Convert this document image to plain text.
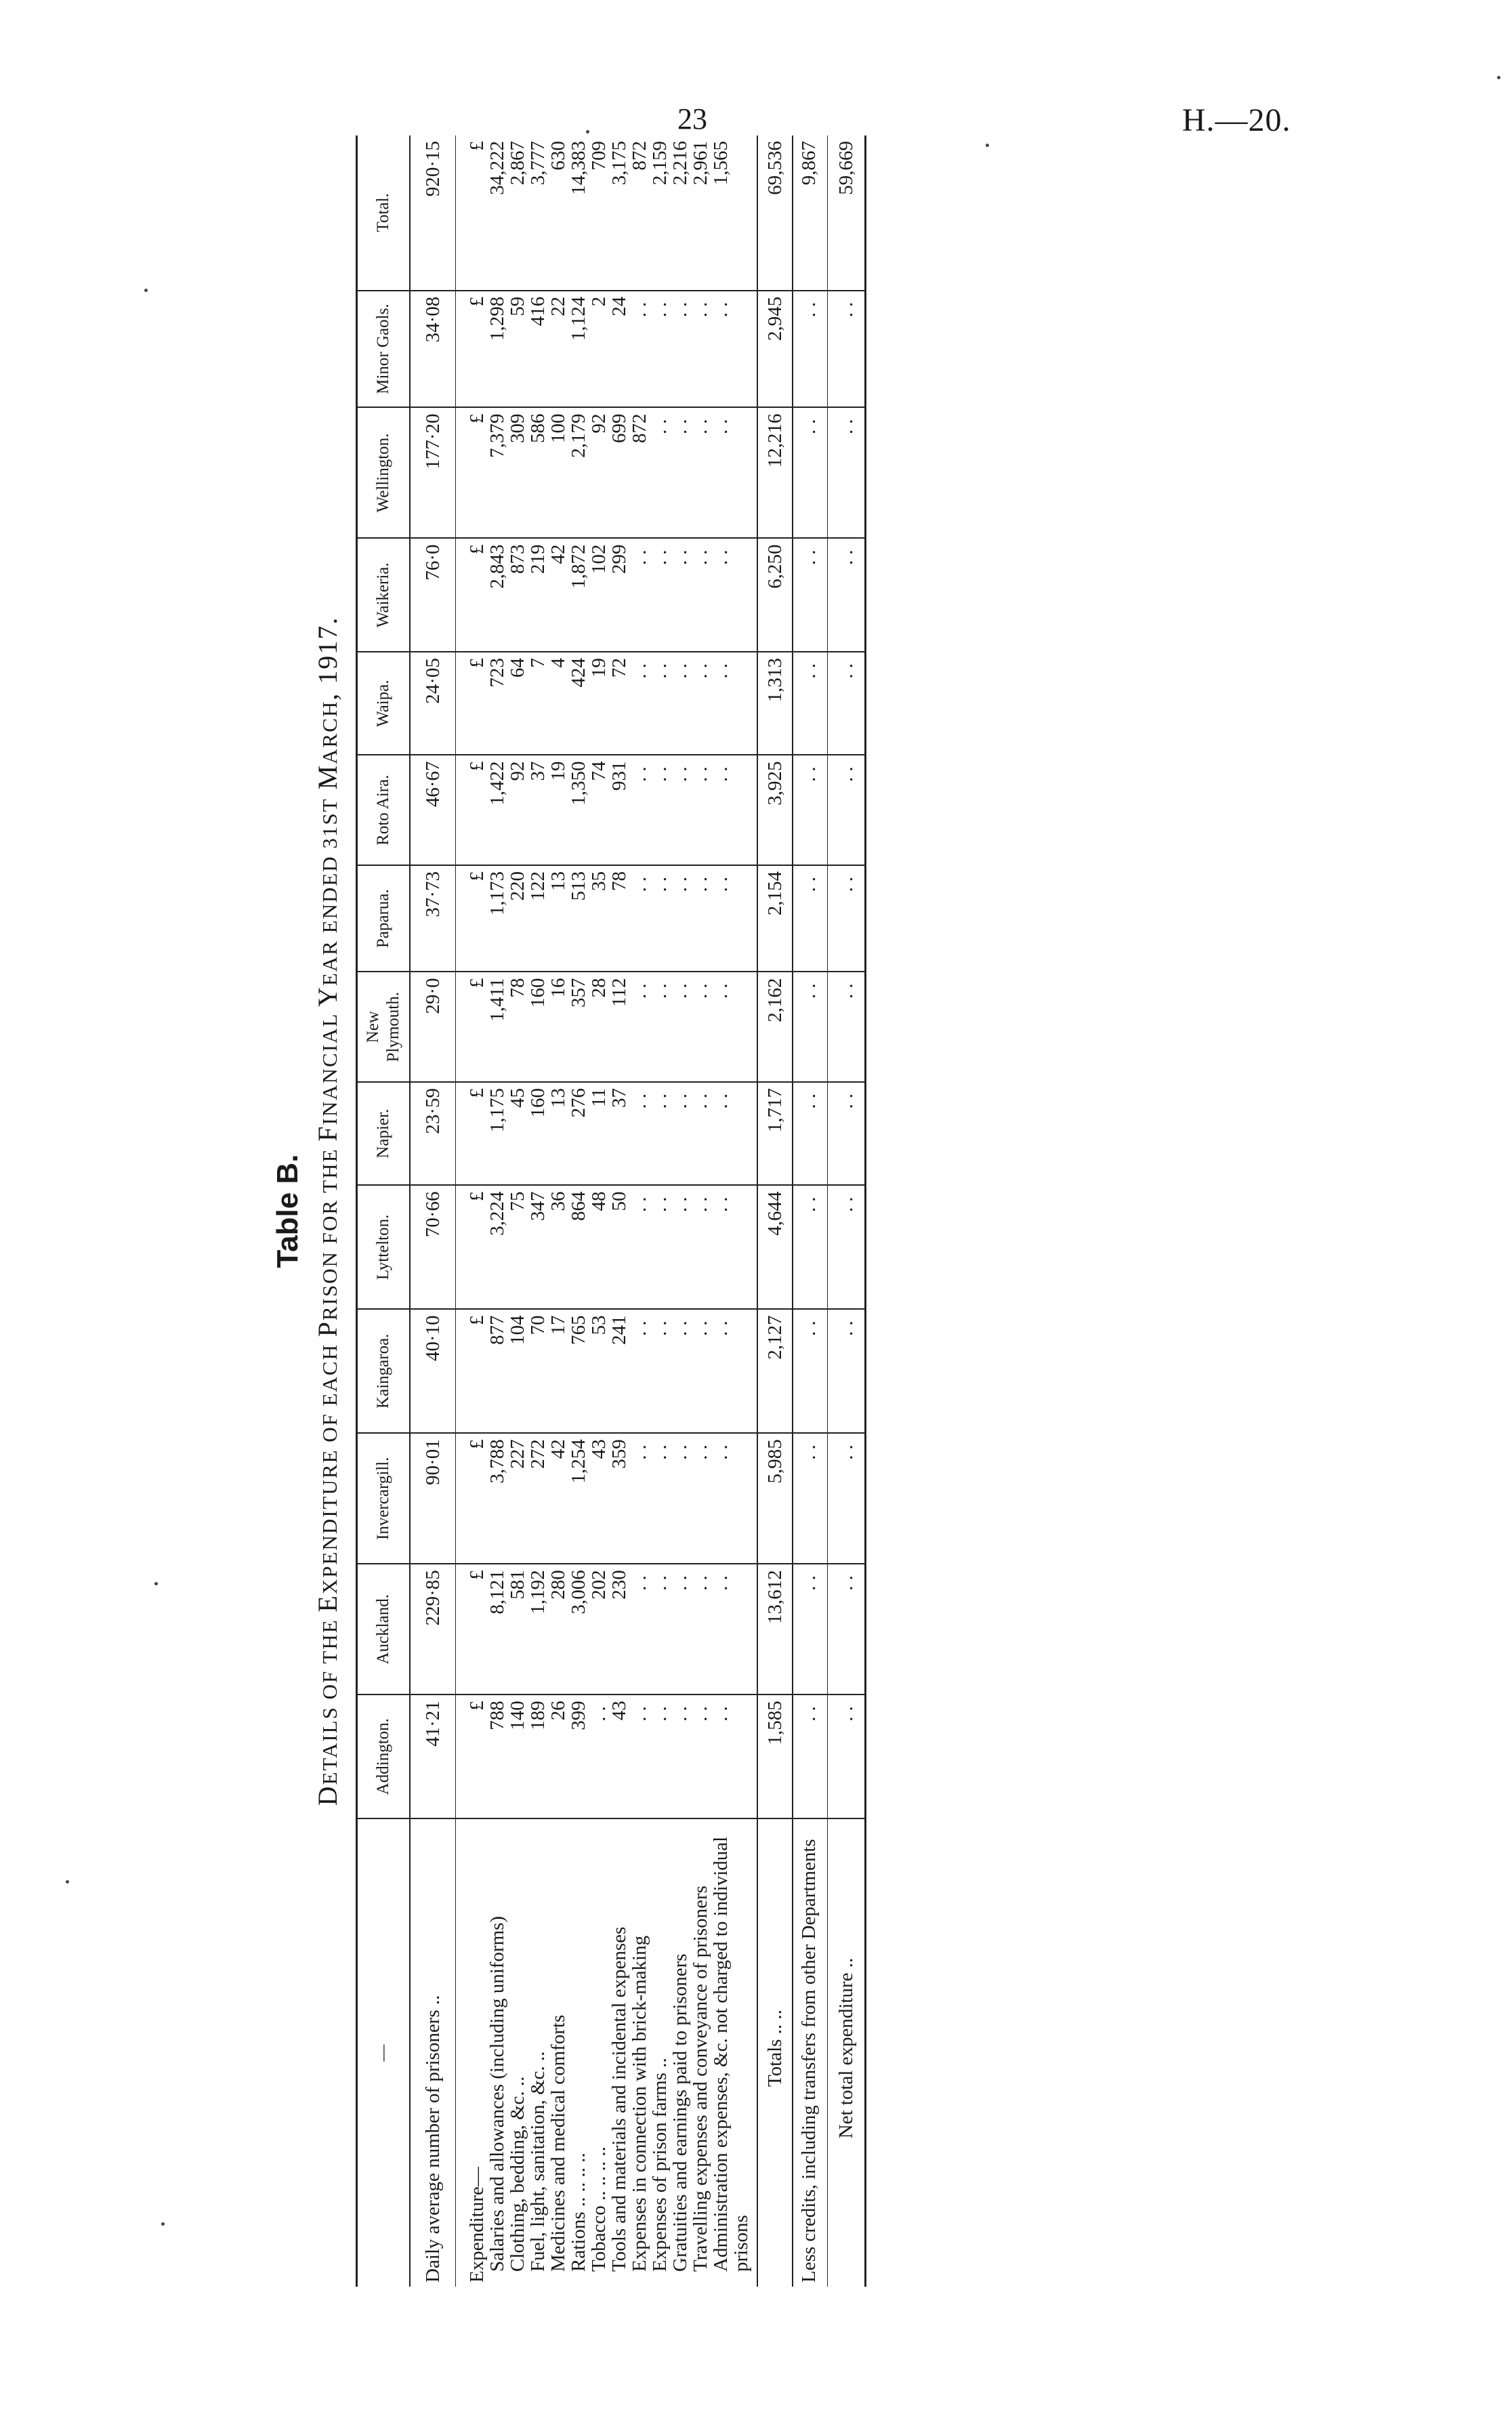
23	H.—20.
Table B.
DETAILS OF THE EXPENDITURE OF EACH PRISON FOR THE FINANCIAL YEAR ENDED 31ST MARCH, 1917.
—	Addington.	Auckland.	Invercargill.	Kaingaroa.	Lyttelton.	Napier.	New Plymouth.	Paparua.	Roto Aira.	Waipa.	Waikeria.	Wellington.	Minor Gaols.	Total.
Daily average number of prisoners ..	41·21	229·85	90·01	40·10	70·66	23·59	29·0	37·73	46·67	24·05	76·0	177·20	34·08	920·15
Expenditure—	£	£	£	£	£	£	£	£	£	£	£	£	£	£
Salaries and allowances (including uniforms)	788	8,121	3,788	877	3,224	1,175	1,411	1,173	1,422	723	2,843	7,379	1,298	34,222
Clothing, bedding, &c. ..	140	581	227	104	75	45	78	220	92	64	873	309	59	2,867
Fuel, light, sanitation, &c. ..	189	1,192	272	70	347	160	160	122	37	7	219	586	416	3,777
Medicines and medical comforts	26	280	42	17	36	13	16	13	19	4	42	100	22	630
Rations .. .. .. ..	399	3,006	1,254	765	864	276	357	513	1,350	424	1,872	2,179	1,124	14,383
Tobacco .. .. .. ..	..	202	43	53	48	11	28	35	74	19	102	92	2	709
Tools and materials and incidental expenses	43	230	359	241	50	37	112	78	931	72	299	699	24	3,175
Expenses in connection with brick-making	..	..	..	..	..	..	..	..	..	..	..	872	..	872
Expenses of prison farms ..	..	..	..	..	..	..	..	..	..	..	..	..	..	2,159
Gratuities and earnings paid to prisoners	..	..	..	..	..	..	..	..	..	..	..	..	..	2,216
Travelling expenses and conveyance of prisoners	..	..	..	..	..	..	..	..	..	..	..	..	..	2,961
Administration expenses, &c. not charged to individual prisons	..	..	..	..	..	..	..	..	..	..	..	..	..	1,565

Totals .. ..	1,585	13,612	5,985	2,127	4,644	1,717	2,162	2,154	3,925	1,313	6,250	12,216	2,945	69,536
Less credits, including transfers from other Departments	..	..	..	..	..	..	..	..	..	..	..	..	..	9,867
Net total expenditure ..	..	..	..	..	..	..	..	..	..	..	..	..	..	59,669
